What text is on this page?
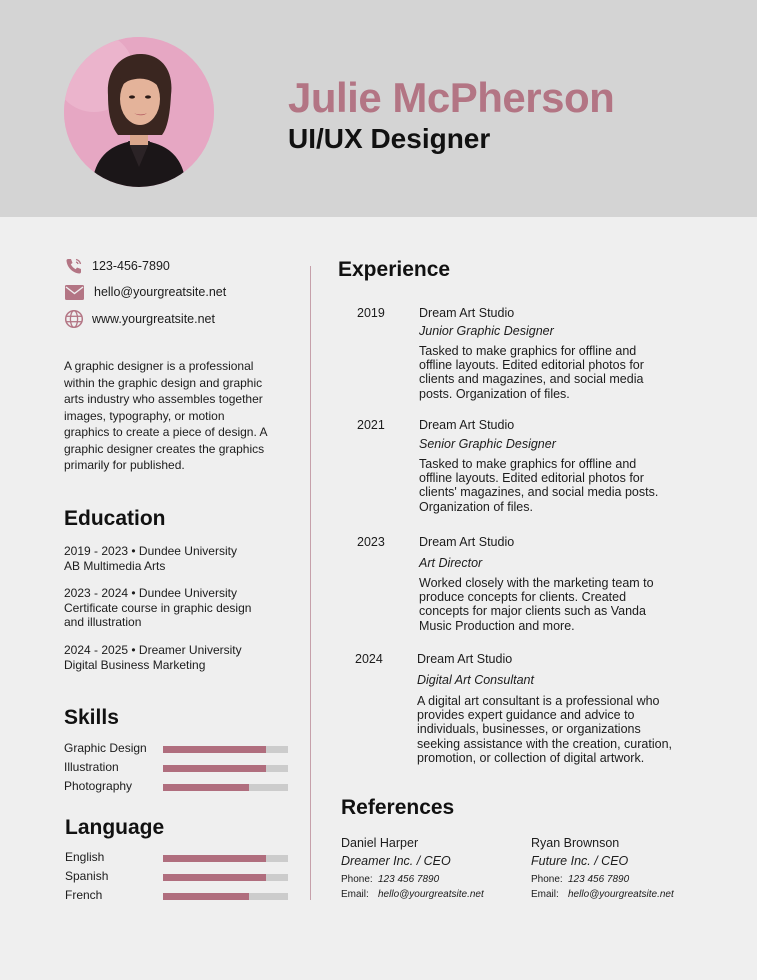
Julie McPherson
UI/UX Designer
123-456-7890
hello@yourgreatsite.net
www.yourgreatsite.net

A graphic designer is a professional within the graphic design and graphic arts industry who assembles together images, typography, or motion graphics to create a piece of design. A graphic designer creates the graphics primarily for published.

Education
2019 - 2023 • Dundee University
AB Multimedia Arts
2023 - 2024 • Dundee University
Certificate course in graphic design
and illustration
2024 - 2025 • Dreamer University
Digital Business Marketing
Skills
Graphic Design
Illustration
Photography
Language
English
Spanish
French
Experience
2019	Dream Art Studio
Junior Graphic Designer

Tasked to make graphics for offline and offline layouts. Edited editorial photos for clients and magazines, and social media posts. Organization of files.

2021	Dream Art Studio
Senior Graphic Designer

Tasked to make graphics for offline and offline layouts. Edited editorial photos for clients' magazines, and social media posts. Organization of files.

2023	Dream Art Studio
Art Director

Worked closely with the marketing team to produce concepts for clients. Created concepts for major clients such as Vanda Music Production and more.

2024	Dream Art Studio
Digital Art Consultant

A digital art consultant is a professional who provides expert guidance and advice to individuals, businesses, or organizations seeking assistance with the creation, curation, promotion, or collection of digital artwork.

References
Daniel Harper
Dreamer Inc. / CEO
Phone: 123 456 7890
Email: hello@yourgreatsite.net
Ryan Brownson
Future Inc. / CEO
Phone: 123 456 7890
Email: hello@yourgreatsite.net
